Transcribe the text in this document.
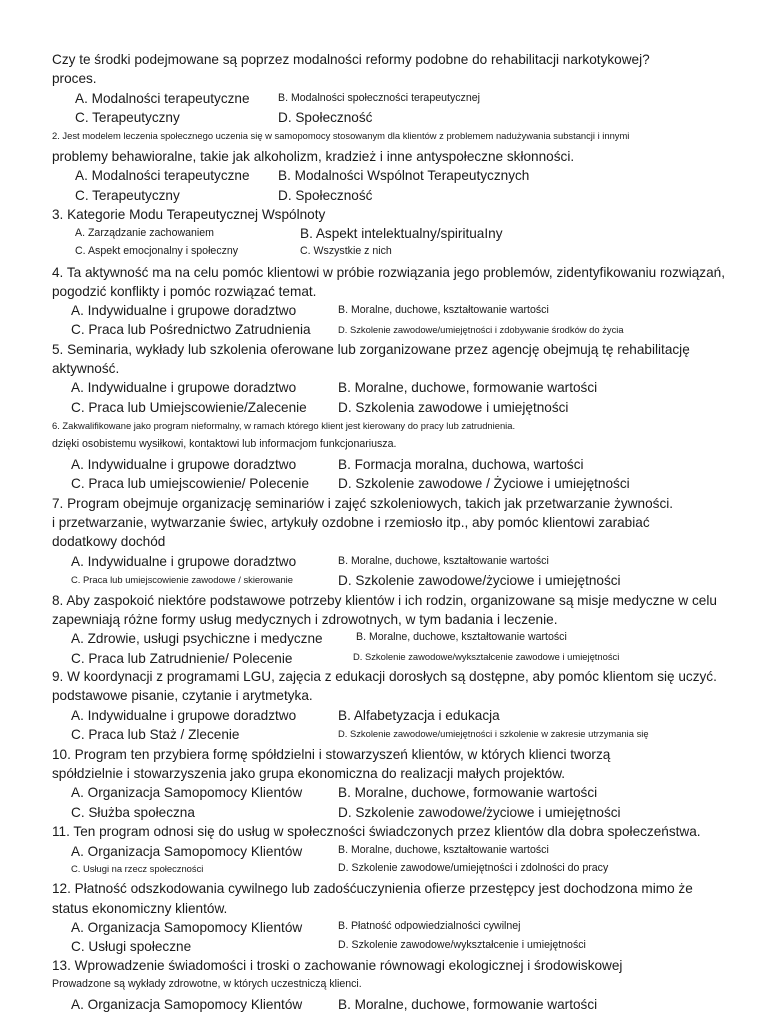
Czy te środki podejmowane są poprzez modalności reformy podobne do rehabilitacji narkotykowej?
proces.
A. Modalności terapeutyczne	B. Modalności społeczności terapeutycznej
C. Terapeutyczny	D. Społeczność
2. Jest modelem leczenia społecznego uczenia się w samopomocy stosowanym dla klientów z problemem nadużywania substancji i innymi
problemy behawioralne, takie jak alkoholizm, kradzież i inne antyspołeczne skłonności.
A. Modalności terapeutyczne B. Modalności Wspólnot Terapeutycznych
C. Terapeutyczny	D. Społeczność
3. Kategorie Modu Terapeutycznej Wspólnoty
A. Zarządzanie zachowaniem	B. Aspekt intelektualny/spirituaIny
C. Aspekt emocjonalny i społeczny	C. Wszystkie z nich
4. Ta aktywność ma na celu pomóc klientowi w próbie rozwiązania jego problemów, zidentyfikowaniu rozwiązań,
pogodzić konflikty i pomóc rozwiązać temat.
A. Indywidualne i grupowe doradztwo	B. Moralne, duchowe, kształtowanie wartości
C. Praca lub Pośrednictwo Zatrudnienia	D. Szkolenie zawodowe/umiejętności i zdobywanie środków do życia
5. Seminaria, wykłady lub szkolenia oferowane lub zorganizowane przez agencję obejmują tę rehabilitację
aktywność.
A. Indywidualne i grupowe doradztwo	B. Moralne, duchowe, formowanie wartości
C. Praca lub Umiejscowienie/Zalecenie D. Szkolenia zawodowe i umiejętności
6. Zakwalifikowane jako program nieformalny, w ramach którego klient jest kierowany do pracy lub zatrudnienia.
dzięki osobistemu wysiłkowi, kontaktowi lub informacjom funkcjonariusza.
A. Indywidualne i grupowe doradztwo	B. Formacja moralna, duchowa, wartości
C. Praca lub umiejscowienie/ Polecenie D. Szkolenie zawodowe / Życiowe i umiejętności
7. Program obejmuje organizację seminariów i zajęć szkoleniowych, takich jak przetwarzanie żywności.
i przetwarzanie, wytwarzanie świec, artykuły ozdobne i rzemiosło itp., aby pomóc klientowi zarabiać
dodatkowy dochód
A. Indywidualne i grupowe doradztwo	B. Moralne, duchowe, kształtowanie wartości
C. Praca lub umiejscowienie zawodowe / skierowanie	D. Szkolenie zawodowe/życiowe i umiejętności
8. Aby zaspokoić niektóre podstawowe potrzeby klientów i ich rodzin, organizowane są misje medyczne w celu
zapewniają różne formy usług medycznych i zdrowotnych, w tym badania i leczenie.
A. Zdrowie, usługi psychiczne i medyczne	B. Moralne, duchowe, kształtowanie wartości
C. Praca lub Zatrudnienie/ Polecenie	D. Szkolenie zawodowe/wykształcenie zawodowe i umiejętności
9. W koordynacji z programami LGU, zajęcia z edukacji dorosłych są dostępne, aby pomóc klientom się uczyć.
podstawowe pisanie, czytanie i arytmetyka.
A. Indywidualne i grupowe doradztwo	B. Alfabetyzacja i edukacja
C. Praca lub Staż / Zlecenie	D. Szkolenie zawodowe/umiejętności i szkolenie w zakresie utrzymania się
10. Program ten przybiera formę spółdzielni i stowarzyszeń klientów, w których klienci tworzą
spółdzielnie i stowarzyszenia jako grupa ekonomiczna do realizacji małych projektów.
A. Organizacja Samopomocy Klientów	B. Moralne, duchowe, formowanie wartości
C. Służba społeczna	D. Szkolenie zawodowe/życiowe i umiejętności
11. Ten program odnosi się do usług w społeczności świadczonych przez klientów dla dobra społeczeństwa.
A. Organizacja Samopomocy Klientów	B. Moralne, duchowe, kształtowanie wartości
C. Usługi na rzecz społeczności	D. Szkolenie zawodowe/umiejętności i zdolności do pracy
12. Płatność odszkodowania cywilnego lub zadośćuczynienia ofierze przestępcy jest dochodzona mimo że
status ekonomiczny klientów.
A. Organizacja Samopomocy Klientów	B. Płatność odpowiedzialności cywilnej
C. Usługi społeczne	D. Szkolenie zawodowe/wykształcenie i umiejętności
13. Wprowadzenie świadomości i troski o zachowanie równowagi ekologicznej i środowiskowej
Prowadzone są wykłady zdrowotne, w których uczestniczą klienci.
A. Organizacja Samopomocy Klientów	B. Moralne, duchowe, formowanie wartości
